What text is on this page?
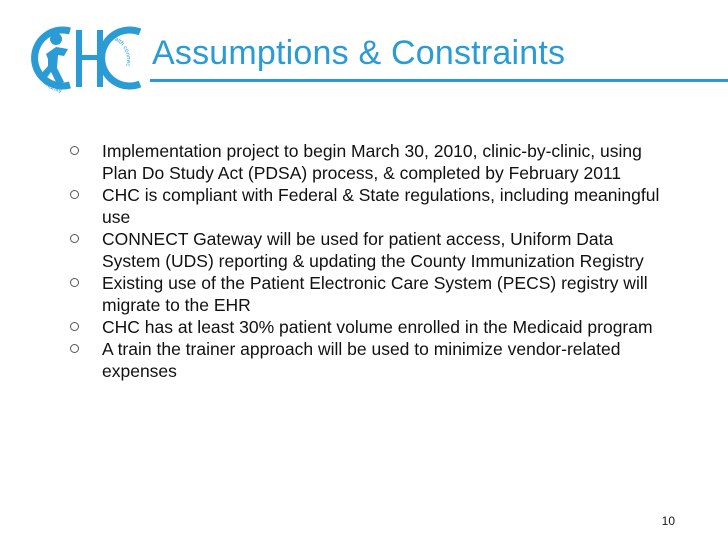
community
health connec Assumptions & Constraints
Implementation project to begin March 30, 2010, clinic-by-clinic, using Plan Do Study Act (PDSA) process, & completed by February 2011
CHC is compliant with Federal & State regulations, including meaningful use
CONNECT Gateway will be used for patient access, Uniform Data System (UDS) reporting & updating the County Immunization Registry
Existing use of the Patient Electronic Care System (PECS) registry will migrate to the EHR
CHC has at least 30% patient volume enrolled in the Medicaid program
A train the trainer approach will be used to minimize vendor-related expenses
10
